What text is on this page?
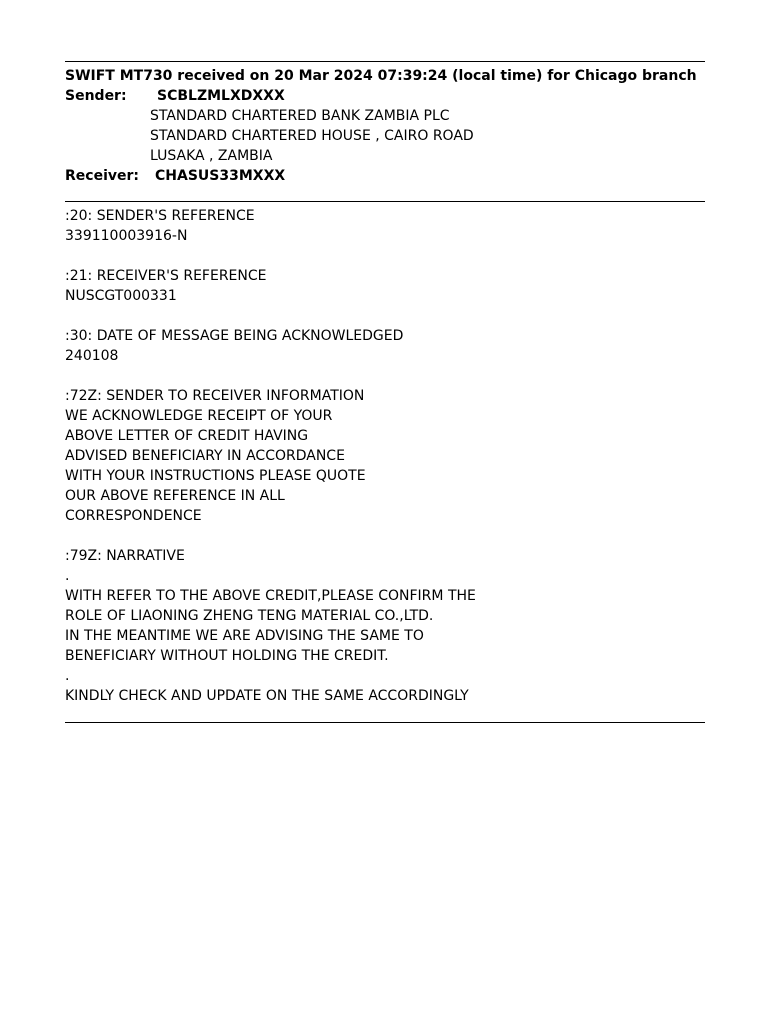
SWIFT MT730 received on 20 Mar 2024 07:39:24 (local time) for Chicago branch
Sender: SCBLZMLXDXXX
STANDARD CHARTERED BANK ZAMBIA PLC
STANDARD CHARTERED HOUSE , CAIRO ROAD
LUSAKA , ZAMBIA
Receiver: CHASUS33MXXX
:20: SENDER'S REFERENCE
339110003916-N
:21: RECEIVER'S REFERENCE
NUSCGT000331
:30: DATE OF MESSAGE BEING ACKNOWLEDGED
240108
:72Z: SENDER TO RECEIVER INFORMATION
WE ACKNOWLEDGE RECEIPT OF YOUR
ABOVE LETTER OF CREDIT HAVING
ADVISED BENEFICIARY IN ACCORDANCE
WITH YOUR INSTRUCTIONS PLEASE QUOTE
OUR ABOVE REFERENCE IN ALL
CORRESPONDENCE
:79Z: NARRATIVE
.
WITH REFER TO THE ABOVE CREDIT,PLEASE CONFIRM THE
ROLE OF LIAONING ZHENG TENG MATERIAL CO.,LTD.
IN THE MEANTIME WE ARE ADVISING THE SAME TO
BENEFICIARY WITHOUT HOLDING THE CREDIT.
.
KINDLY CHECK AND UPDATE ON THE SAME ACCORDINGLY
